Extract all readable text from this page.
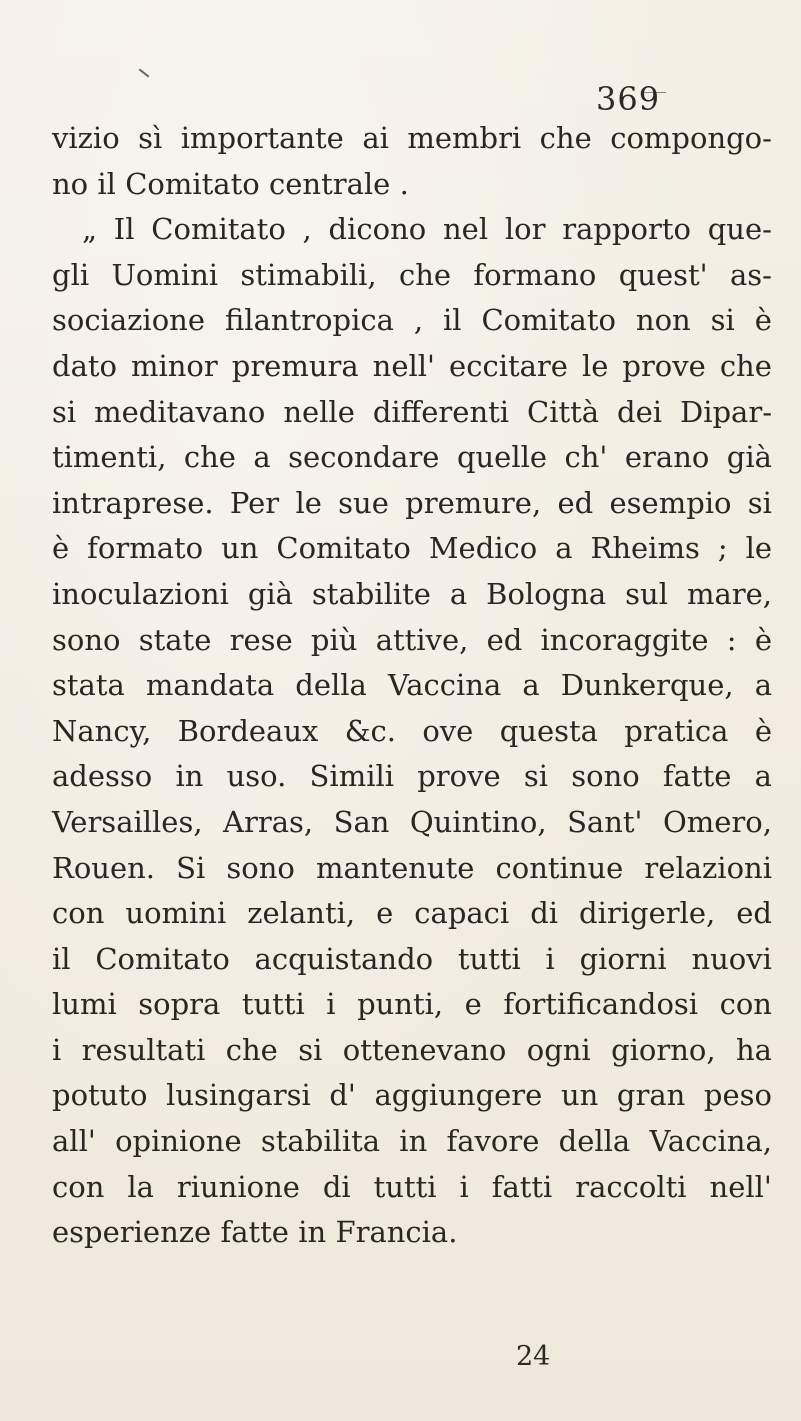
369
vizio sì importante ai membri che compongo-
no il Comitato centrale .
„ Il Comitato , dicono nel lor rapporto que-
gli Uomini stimabili, che formano quest' as-
sociazione filantropica , il Comitato non si è
dato minor premura nell' eccitare le prove che
si meditavano nelle differenti Città dei Dipar-
timenti, che a secondare quelle ch' erano già
intraprese. Per le sue premure, ed esempio si
è formato un Comitato Medico a Rheims ; le
inoculazioni già stabilite a Bologna sul mare,
sono state rese più attive, ed incoraggite : è
stata mandata della Vaccina a Dunkerque, a
Nancy, Bordeaux &c. ove questa pratica è
adesso in uso. Simili prove si sono fatte a
Versailles, Arras, San Quintino, Sant' Omero,
Rouen. Si sono mantenute continue relazioni
con uomini zelanti, e capaci di dirigerle, ed
il Comitato acquistando tutti i giorni nuovi
lumi sopra tutti i punti, e fortificandosi con
i resultati che si ottenevano ogni giorno, ha
potuto lusingarsi d' aggiungere un gran peso
all' opinione stabilita in favore della Vaccina,
con la riunione di tutti i fatti raccolti nell'
esperienze fatte in Francia.
24
